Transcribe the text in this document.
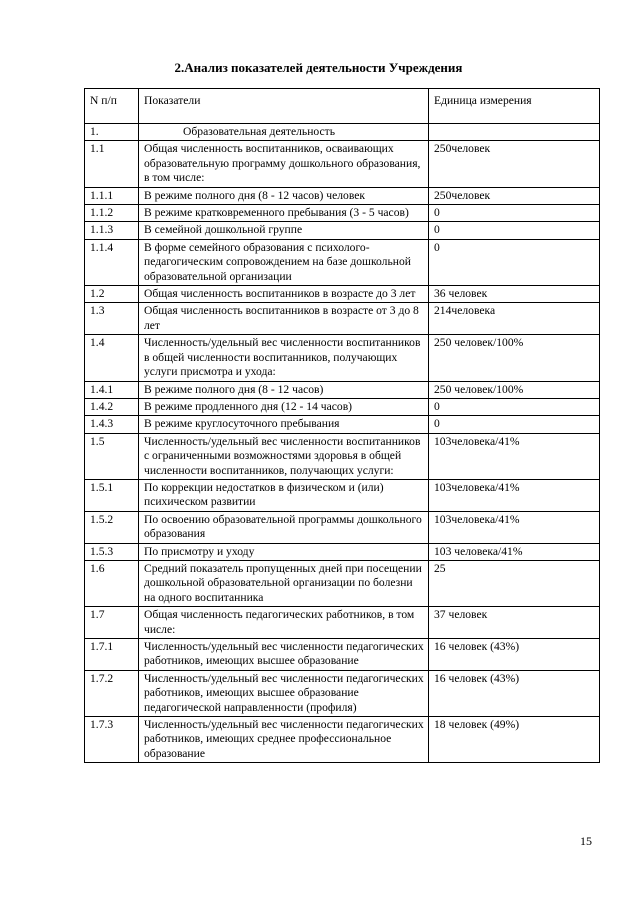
2.Анализ показателей деятельности Учреждения
N п/п	Показатели	Единица измерения
1.	Образовательная деятельность	
1.1	Общая численность воспитанников, осваивающих образовательную программу дошкольного образования, в том числе:	250человек
1.1.1	В режиме полного дня (8 - 12 часов) человек	250человек
1.1.2	В режиме кратковременного пребывания (3 - 5 часов)	0
1.1.3	В семейной дошкольной группе	0
1.1.4	В форме семейного образования с психолого-педагогическим сопровождением на базе дошкольной образовательной организации	0
1.2	Общая численность воспитанников в возрасте до 3 лет	36 человек
1.3	Общая численность воспитанников в возрасте от 3 до 8 лет	214человека
1.4	Численность/удельный вес численности воспитанников в общей численности воспитанников, получающих услуги присмотра и ухода:	250 человек/100%
1.4.1	В режиме полного дня (8 - 12 часов)	250 человек/100%
1.4.2	В режиме продленного дня (12 - 14 часов)	0
1.4.3	В режиме круглосуточного пребывания	0
1.5	Численность/удельный вес численности воспитанников с ограниченными возможностями здоровья в общей численности воспитанников, получающих услуги:	103человека/41%
1.5.1	По коррекции недостатков в физическом и (или) психическом развитии	103человека/41%
1.5.2	По освоению образовательной программы дошкольного образования	103человека/41%
1.5.3	По присмотру и уходу	103 человека/41%
1.6	Средний показатель пропущенных дней при посещении дошкольной образовательной организации по болезни на одного воспитанника	25
1.7	Общая численность педагогических работников, в том числе:	37 человек
1.7.1	Численность/удельный вес численности педагогических работников, имеющих высшее образование	16 человек (43%)
1.7.2	Численность/удельный вес численности педагогических работников, имеющих высшее образование педагогической направленности (профиля)	16 человек (43%)
1.7.3	Численность/удельный вес численности педагогических работников, имеющих среднее профессиональное образование	18 человек (49%)
15
